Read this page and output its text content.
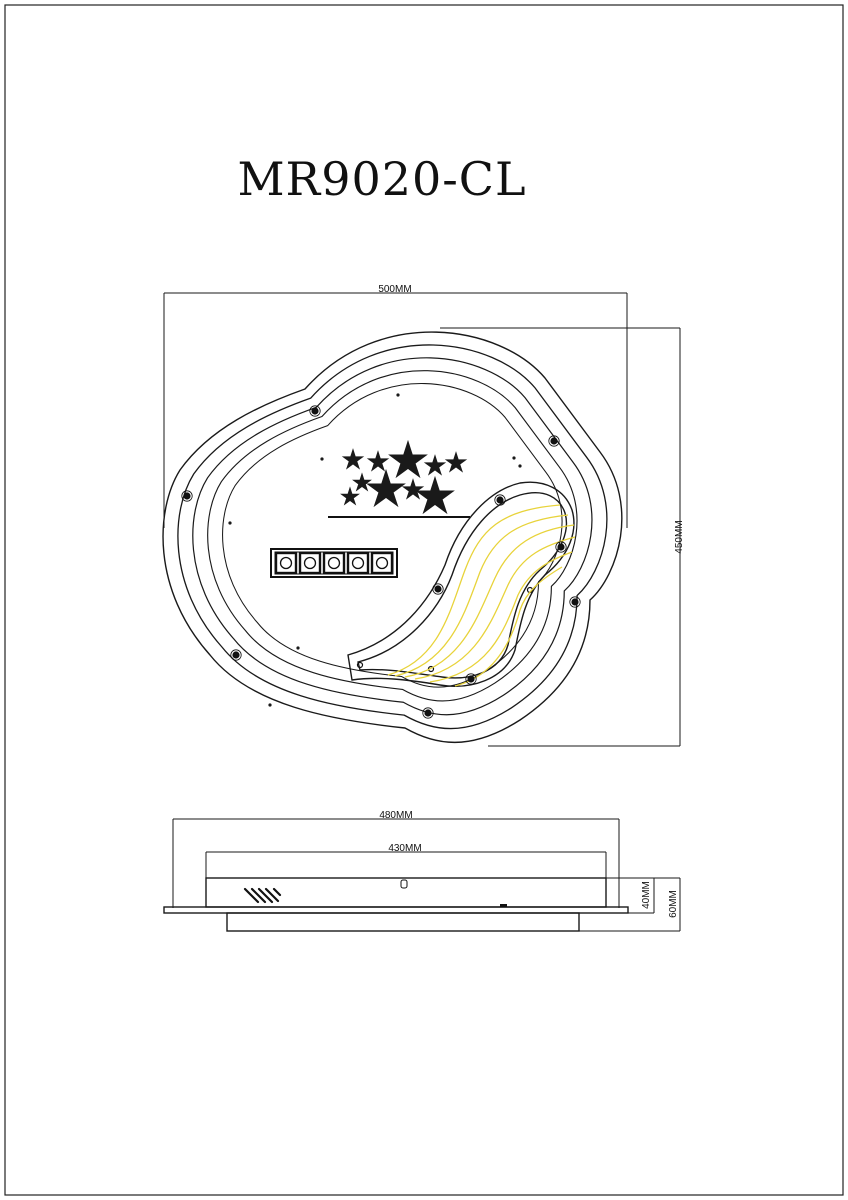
MR9020-CL
500MM
450MM
480MM
430MM
40MM 60MM
